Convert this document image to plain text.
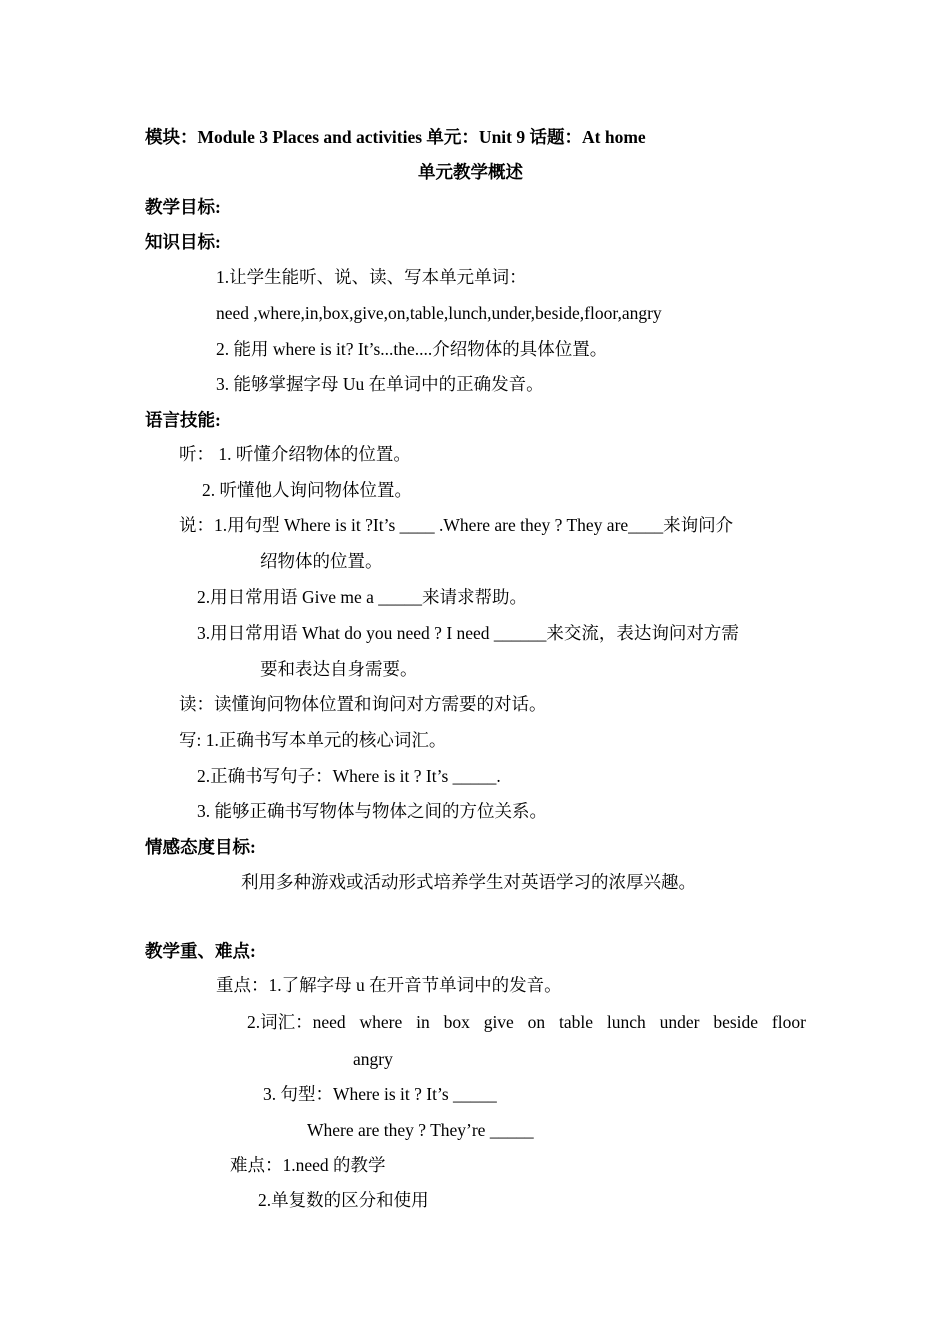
模块：Module 3 Places and activities 单元：Unit 9 话题：At home
单元教学概述
教学目标:
知识目标:
1.让学生能听、说、读、写本单元单词：
need ,where,in,box,give,on,table,lunch,under,beside,floor,angry
2. 能用 where is it? It’s...the....介绍物体的具体位置。
3. 能够掌握字母 Uu 在单词中的正确发音。
语言技能:
听： 1. 听懂介绍物体的位置。
2. 听懂他人询问物体位置。
说：1.用句型 Where is it ?It’s ____ .Where are they ? They are____来询问介
绍物体的位置。
2.用日常用语 Give me a _____来请求帮助。
3.用日常用语 What do you need ? I need ______来交流，表达询问对方需
要和表达自身需要。
读：读懂询问物体位置和询问对方需要的对话。
写: 1.正确书写本单元的核心词汇。
2.正确书写句子：Where is it ? It’s _____.
3. 能够正确书写物体与物体之间的方位关系。
情感态度目标:
利用多种游戏或活动形式培养学生对英语学习的浓厚兴趣。
教学重、难点:
重点：1.了解字母 u 在开音节单词中的发音。
2.词汇：need where in box give on table lunch under beside floor
angry
3. 句型：Where is it ? It’s _____
Where are they ? They’re _____
难点：1.need 的教学
2.单复数的区分和使用
